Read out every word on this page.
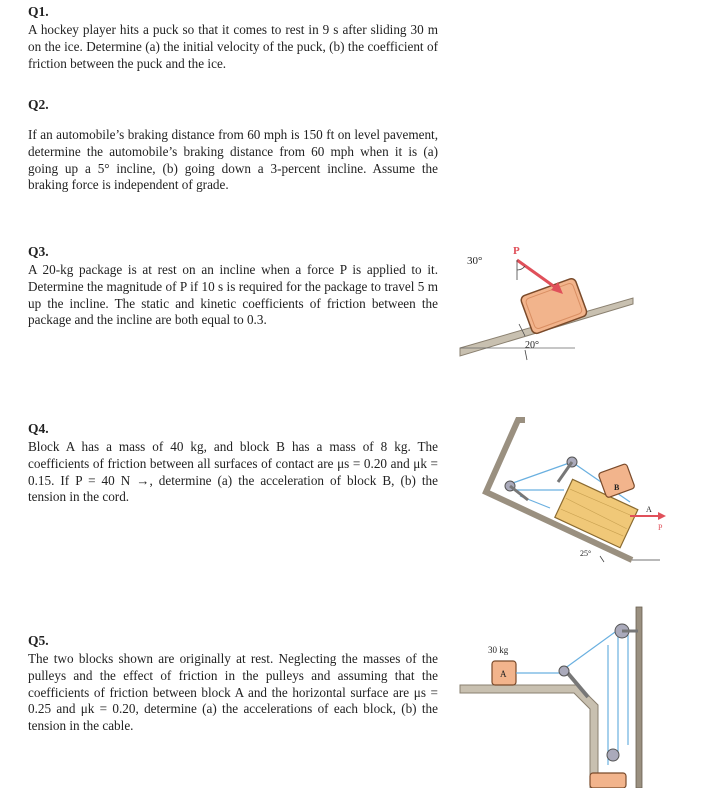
Q1.
A hockey player hits a puck so that it comes to rest in 9 s after sliding 30 m on the ice. Determine (a) the initial velocity of the puck, (b) the coefficient of friction between the puck and the ice.
Q2.
If an automobile’s braking distance from 60 mph is 150 ft on level pavement, determine the automobile’s braking distance from 60 mph when it is (a) going up a 5° incline, (b) going down a 3-percent incline. Assume the braking force is independent of grade.
Q3.
A 20-kg package is at rest on an incline when a force P is applied to it. Determine the magnitude of P if 10 s is required for the package to travel 5 m up the incline. The static and kinetic coefficients of friction between the package and the incline are both equal to 0.3.
Q4.
Block A has a mass of 40 kg, and block B has a mass of 8 kg. The coefficients of friction between all surfaces of contact are μs = 0.20 and μk = 0.15. If P = 40 N →, determine (a) the acceleration of block B, (b) the tension in the cord.
Q5.
The two blocks shown are originally at rest. Neglecting the masses of the pulleys and the effect of friction in the pulleys and assuming that the coefficients of friction between block A and the horizontal surface are μs = 0.25 and μk = 0.20, determine (a) the accelerations of each block, (b) the tension in the cable.
30°
P
20°
B
A
P
25°
A
30 kg
